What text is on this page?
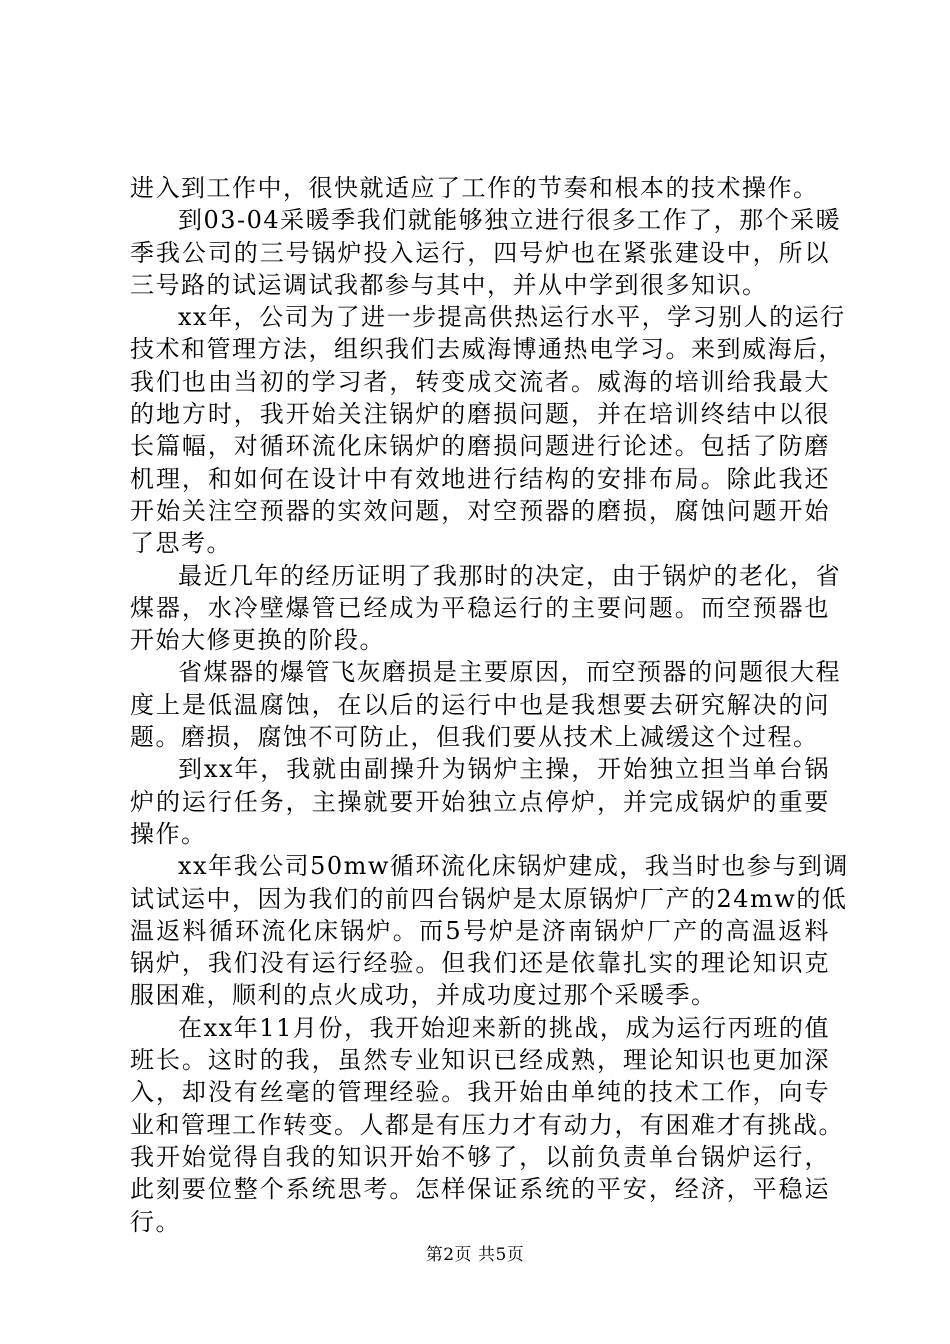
进入到工作中，很快就适应了工作的节奏和根本的技术操作。
到03-04采暖季我们就能够独立进行很多工作了，那个采暖
季我公司的三号锅炉投入运行，四号炉也在紧张建设中，所以
三号路的试运调试我都参与其中，并从中学到很多知识。
xx年，公司为了进一步提高供热运行水平，学习别人的运行
技术和管理方法，组织我们去威海博通热电学习。来到威海后，
我们也由当初的学习者，转变成交流者。威海的培训给我最大
的地方时，我开始关注锅炉的磨损问题，并在培训终结中以很
长篇幅，对循环流化床锅炉的磨损问题进行论述。包括了防磨
机理，和如何在设计中有效地进行结构的安排布局。除此我还
开始关注空预器的实效问题，对空预器的磨损，腐蚀问题开始
了思考。
最近几年的经历证明了我那时的决定，由于锅炉的老化，省
煤器，水冷壁爆管已经成为平稳运行的主要问题。而空预器也
开始大修更换的阶段。
省煤器的爆管飞灰磨损是主要原因，而空预器的问题很大程
度上是低温腐蚀，在以后的运行中也是我想要去研究解决的问
题。磨损，腐蚀不可防止，但我们要从技术上减缓这个过程。
到xx年，我就由副操升为锅炉主操，开始独立担当单台锅
炉的运行任务，主操就要开始独立点停炉，并完成锅炉的重要
操作。
xx年我公司50mw循环流化床锅炉建成，我当时也参与到调
试试运中，因为我们的前四台锅炉是太原锅炉厂产的24mw的低
温返料循环流化床锅炉。而5号炉是济南锅炉厂产的高温返料
锅炉，我们没有运行经验。但我们还是依靠扎实的理论知识克
服困难，顺利的点火成功，并成功度过那个采暖季。
在xx年11月份，我开始迎来新的挑战，成为运行丙班的值
班长。这时的我，虽然专业知识已经成熟，理论知识也更加深
入，却没有丝毫的管理经验。我开始由单纯的技术工作，向专
业和管理工作转变。人都是有压力才有动力，有困难才有挑战。
我开始觉得自我的知识开始不够了，以前负责单台锅炉运行，
此刻要位整个系统思考。怎样保证系统的平安，经济，平稳运
行。
第2页 共5页
